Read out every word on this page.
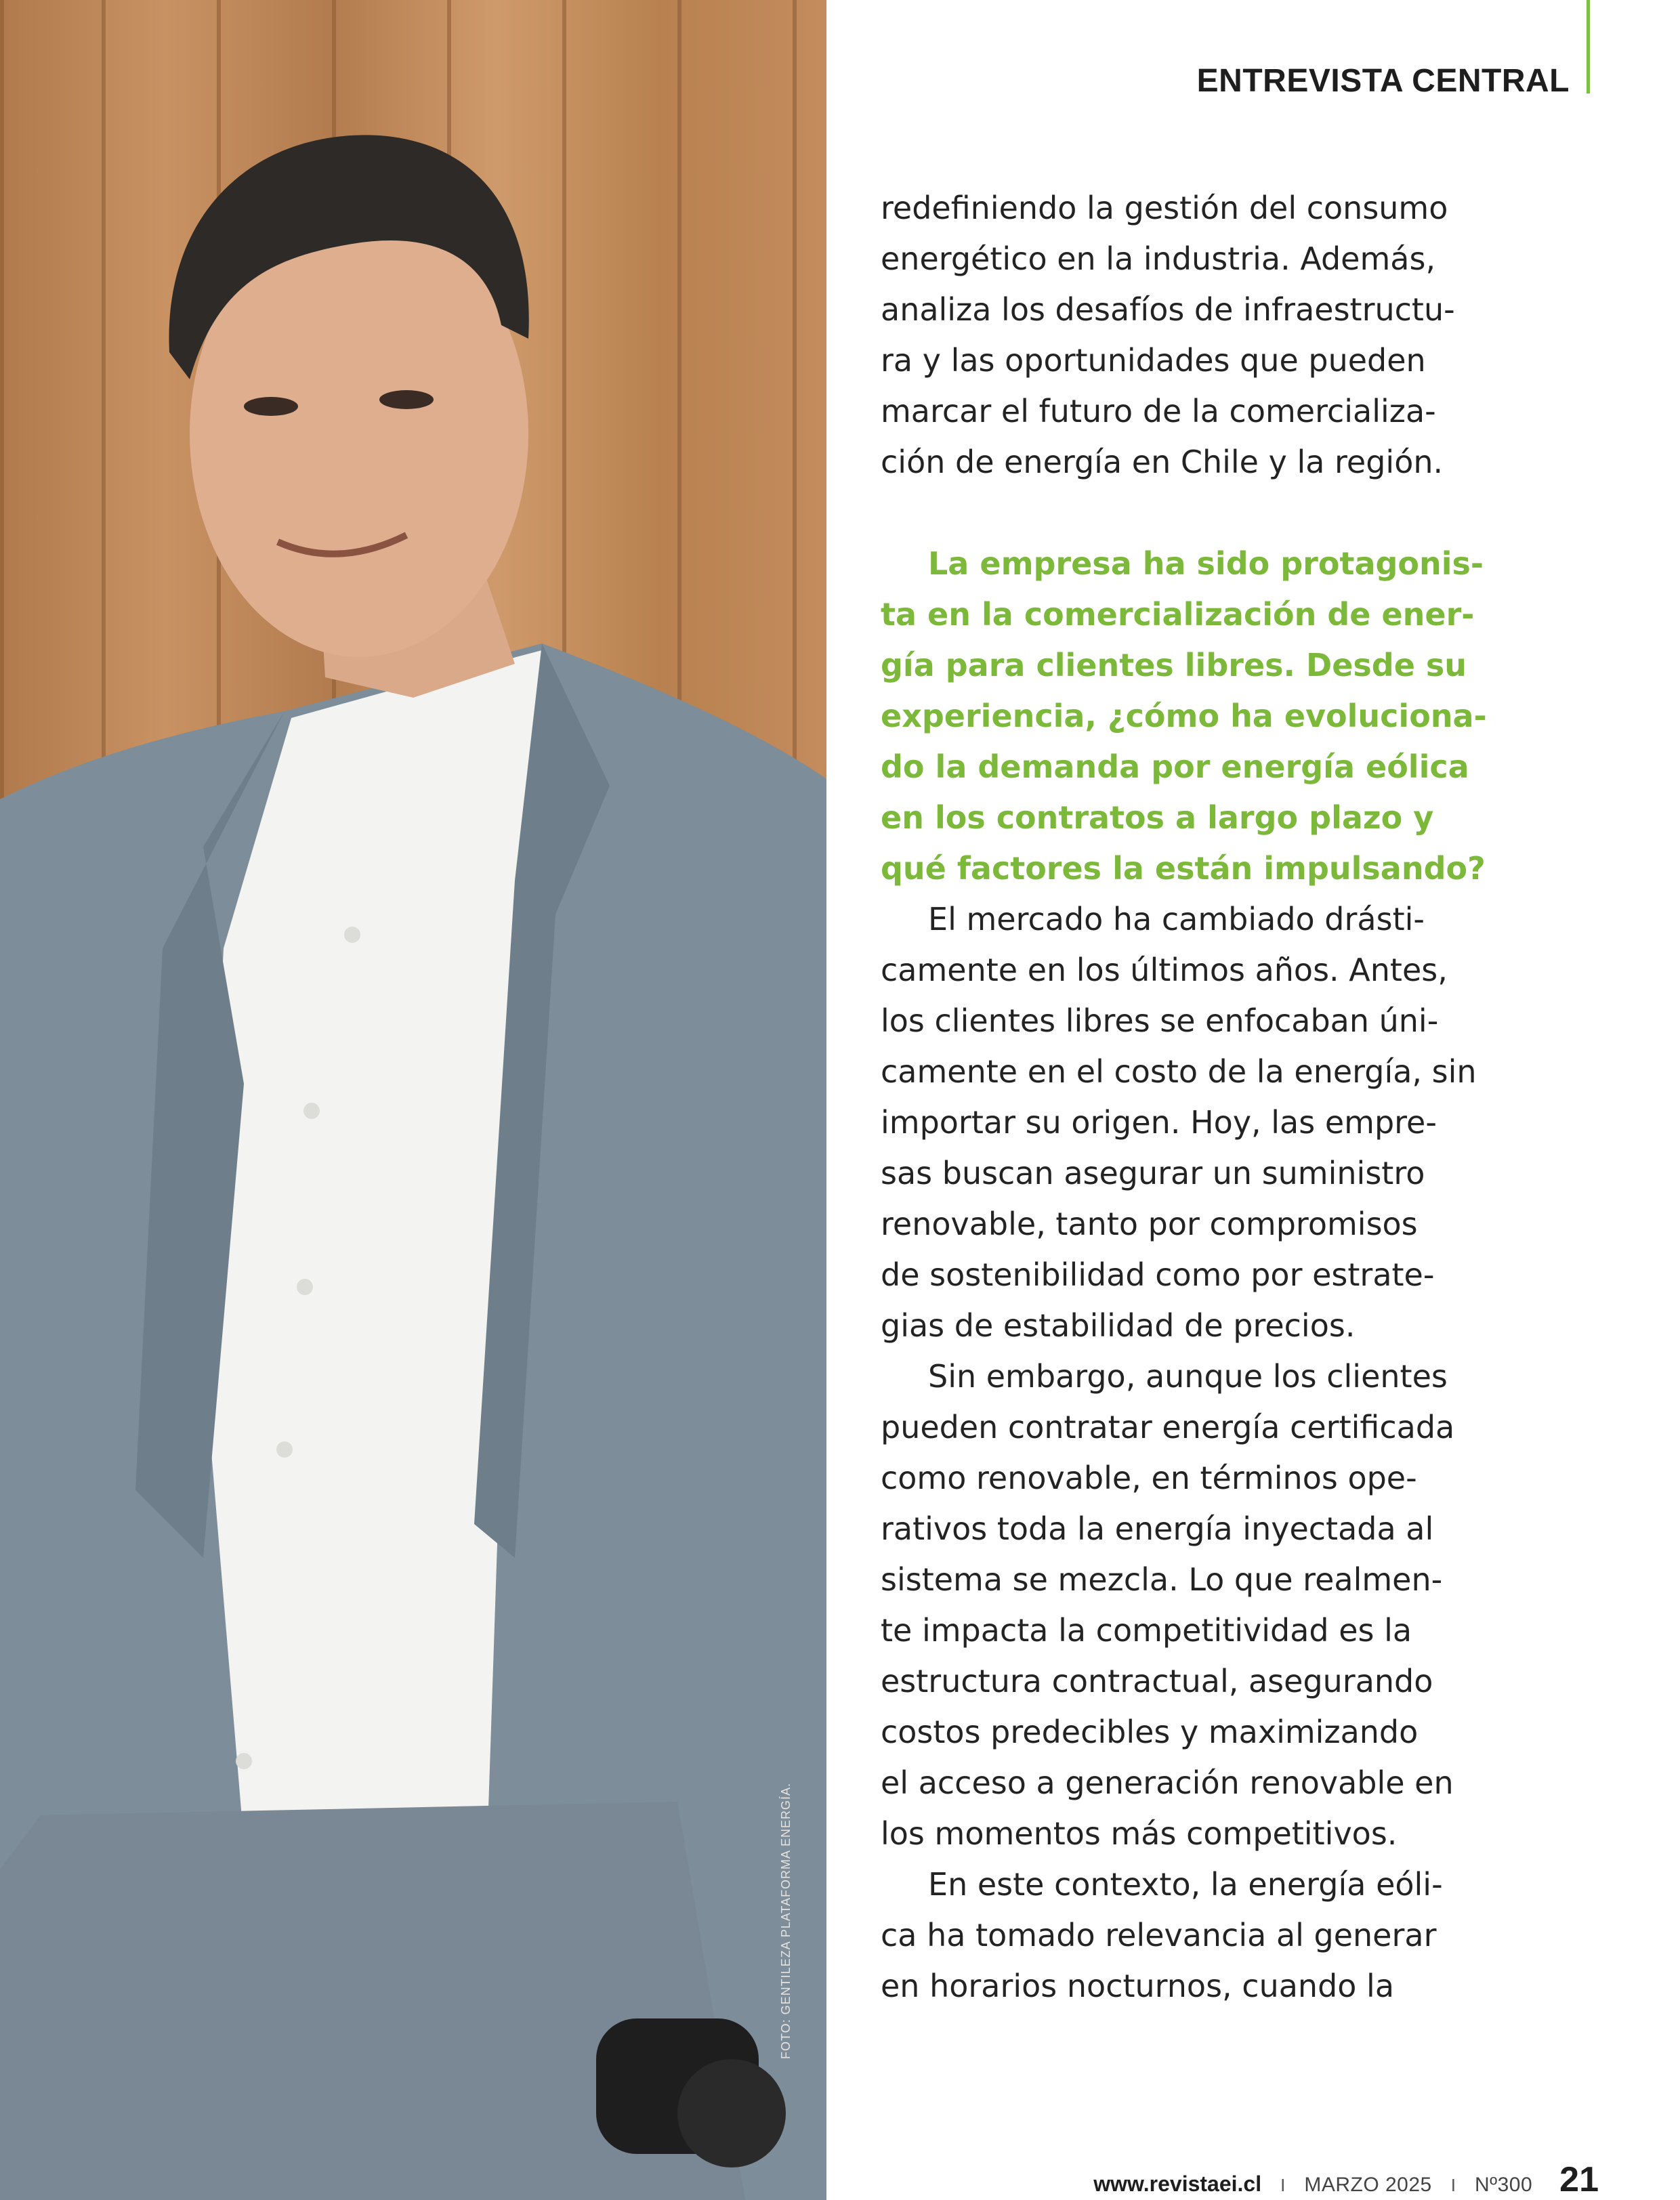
FOTO: GENTILEZA PLATAFORMA ENERGÍA.
ENTREVISTA CENTRAL
redefiniendo la gestión del consumo
energético en la industria. Además,
analiza los desafíos de infraestructu-
ra y las oportunidades que pueden
marcar el futuro de la comercializa-
ción de energía en Chile y la región.
La empresa ha sido protagonis-
ta en la comercialización de ener-
gía para clientes libres. Desde su
experiencia, ¿cómo ha evoluciona-
do la demanda por energía eólica
en los contratos a largo plazo y
qué factores la están impulsando?
El mercado ha cambiado drásti-
camente en los últimos años. Antes,
los clientes libres se enfocaban úni-
camente en el costo de la energía, sin
importar su origen. Hoy, las empre-
sas buscan asegurar un suministro
renovable, tanto por compromisos
de sostenibilidad como por estrate-
gias de estabilidad de precios.
Sin embargo, aunque los clientes
pueden contratar energía certificada
como renovable, en términos ope-
rativos toda la energía inyectada al
sistema se mezcla. Lo que realmen-
te impacta la competitividad es la
estructura contractual, asegurando
costos predecibles y maximizando
el acceso a generación renovable en
los momentos más competitivos.
En este contexto, la energía eóli-
ca ha tomado relevancia al generar
en horarios nocturnos, cuando la
www.revistaei.cl I MARZO 2025 I Nº300 21
